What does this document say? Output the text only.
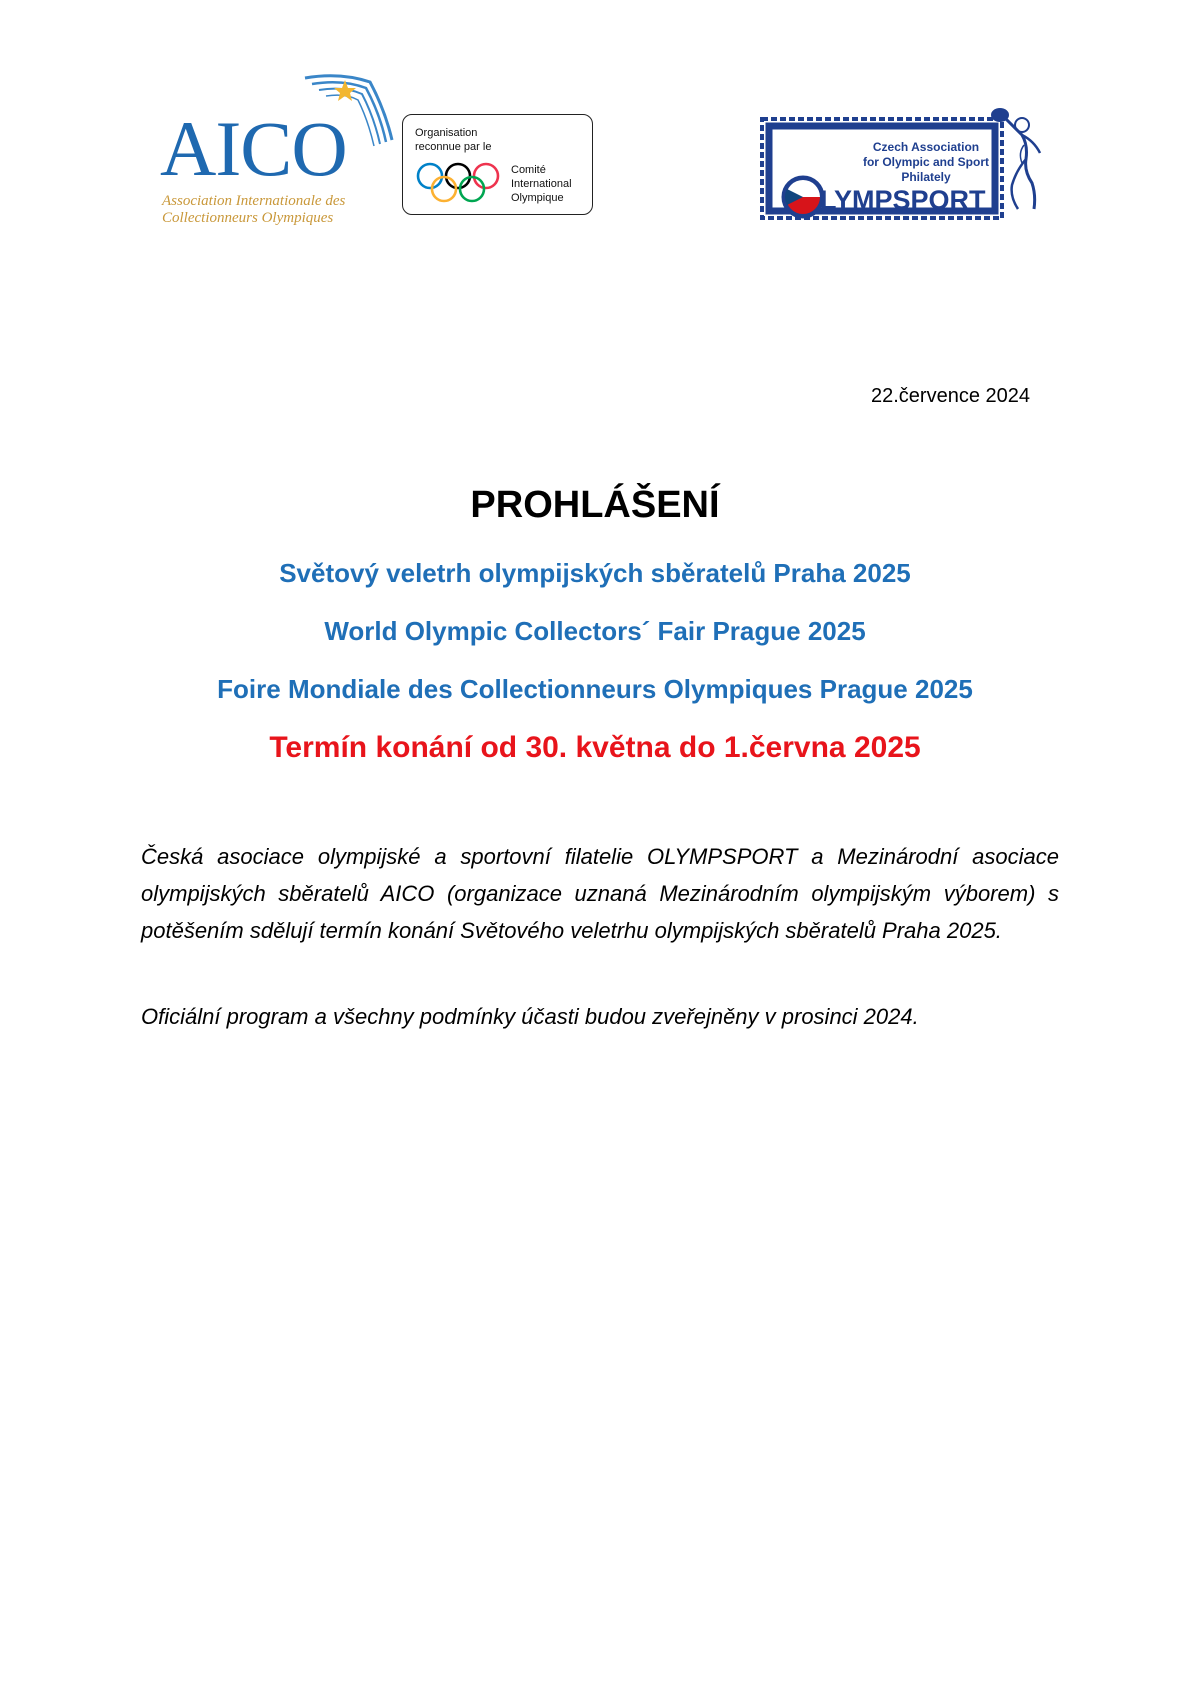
AICO
Association Internationale des
Collectionneurs Olympiques
Organisation
reconnue par le
Comité
International
Olympique
Czech Association
for Olympic and Sport
Philately
LYMPSPORT
22.července 2024
PROHLÁŠENÍ
Světový veletrh olympijských sběratelů Praha 2025
World Olympic Collectors´ Fair Prague 2025
Foire Mondiale des Collectionneurs Olympiques Prague 2025
Termín konání od 30. května do 1.června 2025
Česká asociace olympijské a sportovní filatelie OLYMPSPORT a Mezinárodní asociace olympijských sběratelů AICO (organizace uznaná Mezinárodním olympijským výborem) s potěšením sdělují termín konání Světového veletrhu olympijských sběratelů Praha 2025.
Oficiální program a všechny podmínky účasti budou zveřejněny v prosinci 2024.
